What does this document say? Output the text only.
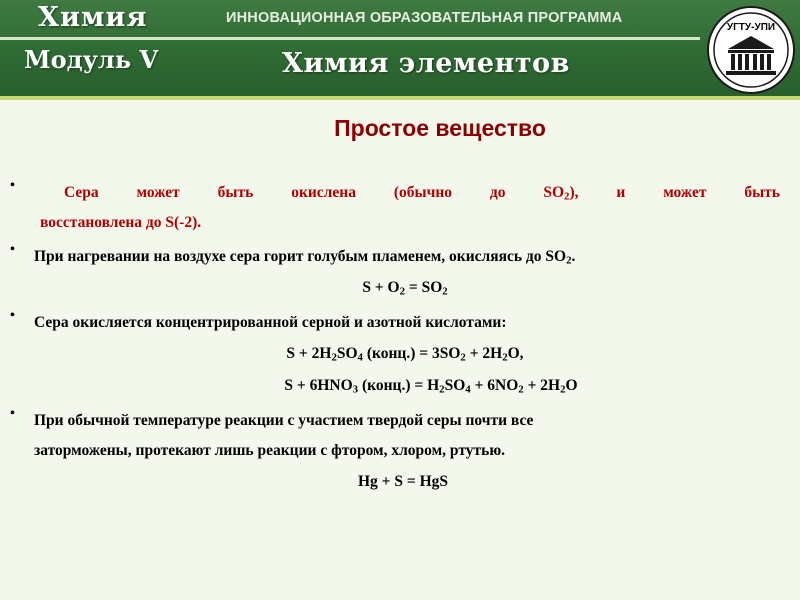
Химия	ИННОВАЦИОННАЯ ОБРАЗОВАТЕЛЬНАЯ ПРОГРАММА
Модуль V	Химия элементов
УГТУ-УПИ
Простое вещество
•	Сера может быть окислена (обычно до $SO_2$), и может быть
восстановлена до S(-2).
• При нагревании на воздухе сера горит голубым пламенем, окисляясь до $SO_2$.
$S + O_2 = SO_2$
• Сера окисляется концентрированной серной и азотной кислотами:
$S + 2H_2SO_4$ (конц.) = $3SO_2 + 2H_2O$,
$S + 6HNO_3$ (конц.) = $H_2SO_4 + 6NO_2 + 2H_2O$
• При обычной температуре реакции с участием твердой серы почти все
заторможены, протекают лишь реакции с фтором, хлором, ртутью.
Hg + S = HgS
